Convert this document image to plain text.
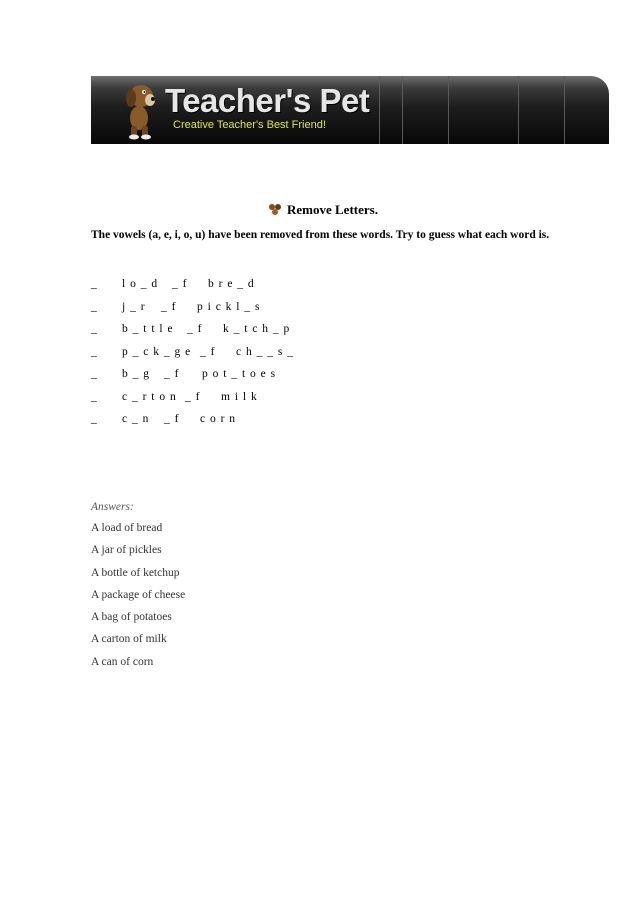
Teacher's Pet
Creative Teacher's Best Friend!
Remove Letters.
The vowels (a, e, i, o, u) have been removed from these words. Try to guess what each word is.
_ l o _ d _ f b r e _ d
_ j _ r _ f p i c k l _ s
_ b _ t t l e _ f k _ t c h _ p
_ p _ c k _ g e _ f c h _ _ s _
_ b _ g _ f p o t _ t o e s
_ c _ r t o n _ f m i l k
_ c _ n _ f c o r n
Answers:
A load of bread
A jar of pickles
A bottle of ketchup
A package of cheese
A bag of potatoes
A carton of milk
A can of corn
